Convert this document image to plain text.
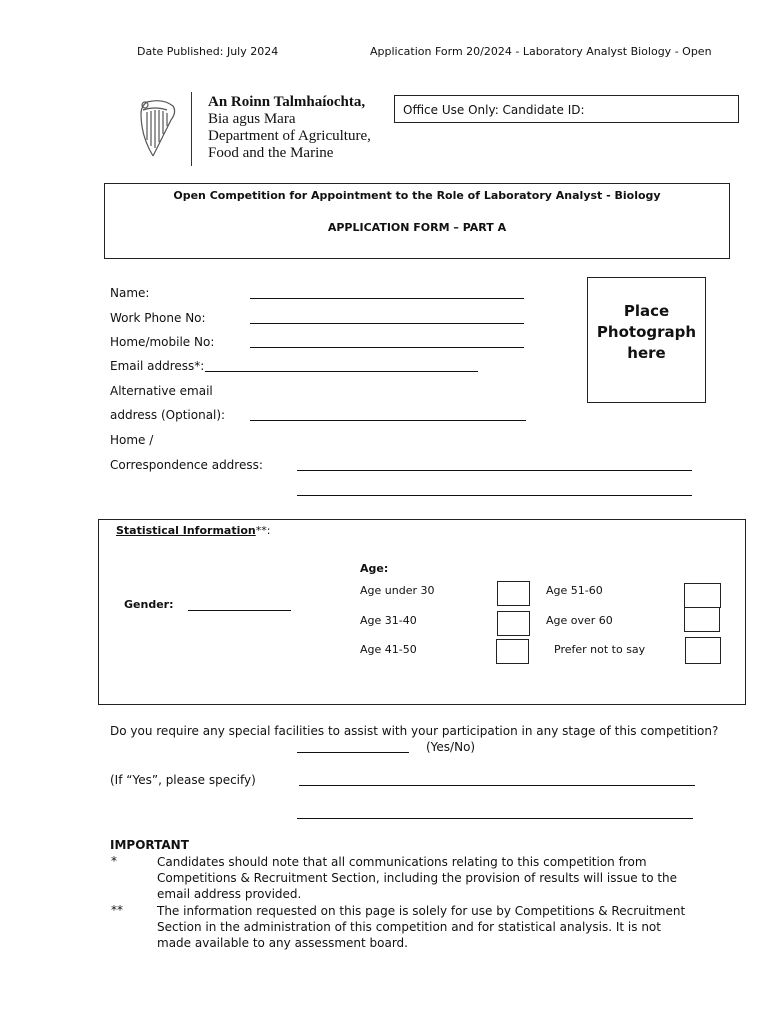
Date Published: July 2024	Application Form 20/2024 - Laboratory Analyst Biology - Open
An Roinn Talmhaíochta,
Bia agus Mara
Department of Agriculture,
Food and the Marine
Office Use Only: Candidate ID:
Open Competition for Appointment to the Role of Laboratory Analyst - Biology
APPLICATION FORM – PART A
Place
Photograph
here
Name:
Work Phone No:
Home/mobile No:
Email address*:
Alternative email
address (Optional):
Home /
Correspondence address:
Statistical Information**:
Age:
Gender:
Age under 30
Age 31-40
Age 41-50
Age 51-60
Age over 60
Prefer not to say
Do you require any special facilities to assist with your participation in any stage of this competition?
(Yes/No)
(If “Yes”, please specify)
IMPORTANT
*	Candidates should note that all communications relating to this competition from Competitions & Recruitment Section, including the provision of results will issue to the email address provided.
**	The information requested on this page is solely for use by Competitions & Recruitment Section in the administration of this competition and for statistical analysis. It is not made available to any assessment board.
